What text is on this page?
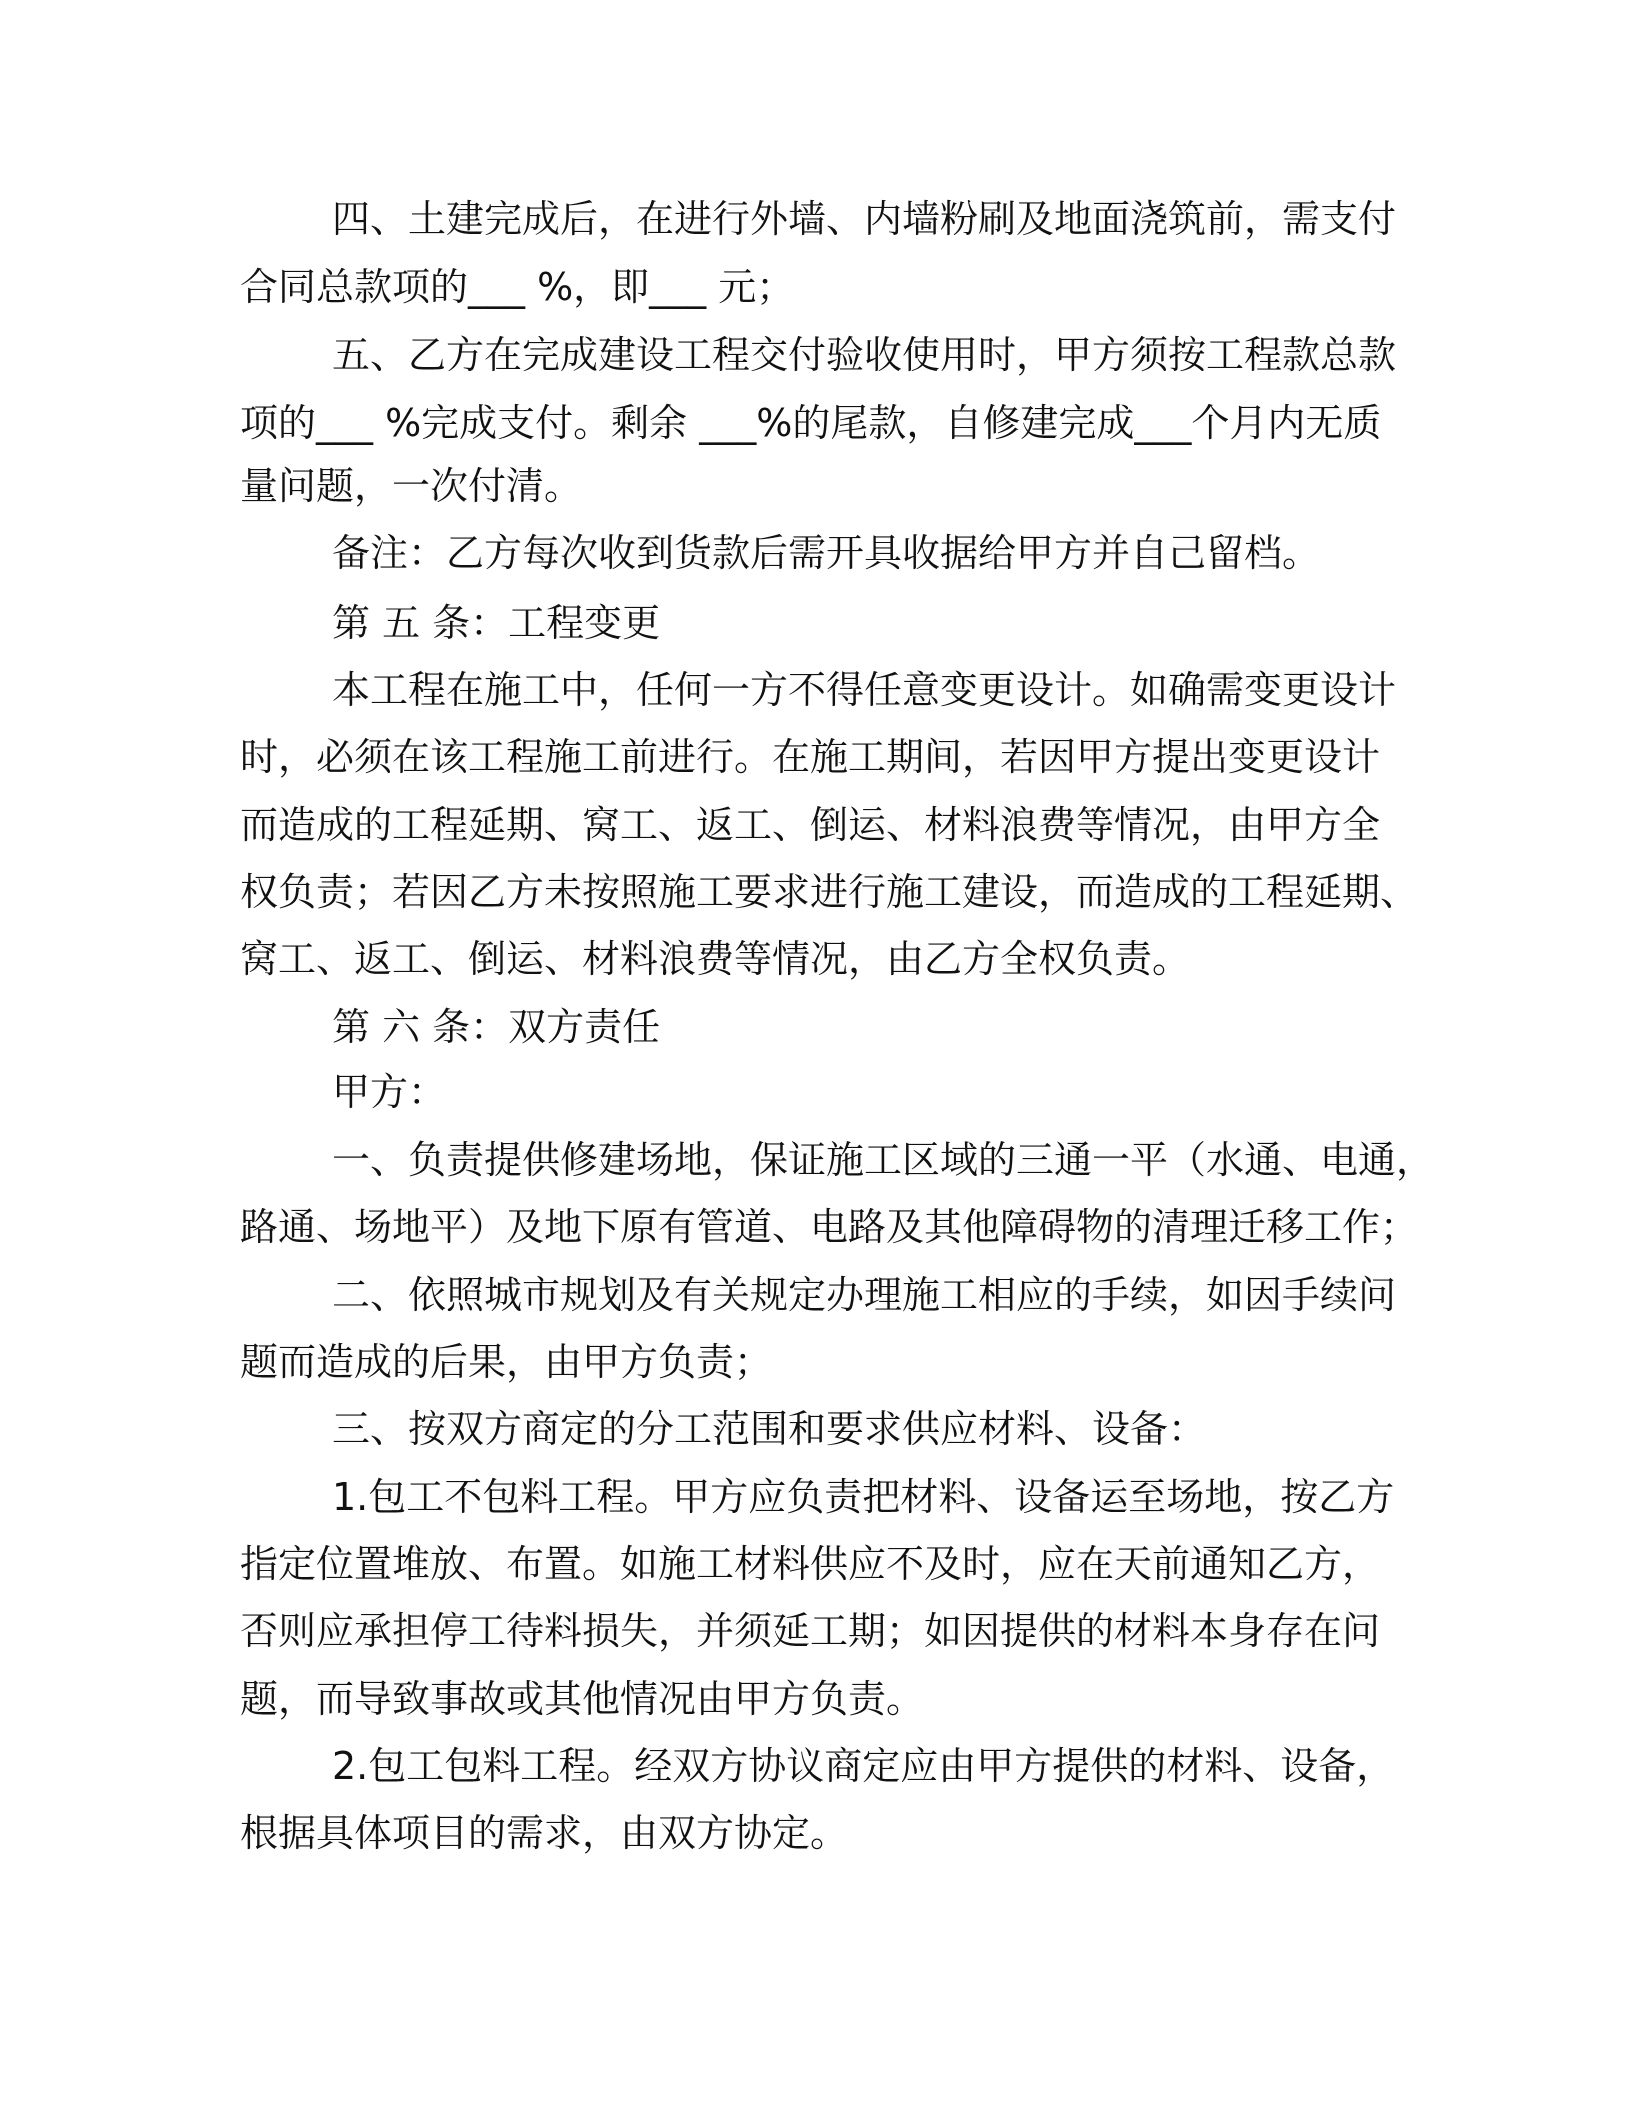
四、土建完成后，在进行外墙、内墙粉刷及地面浇筑前，需支付

合同总款项的___ %，即___ 元；

五、乙方在完成建设工程交付验收使用时，甲方须按工程款总款

项的___ %完成支付。剩余 ___%的尾款，自修建完成___个月内无质

量问题，一次付清。

备注：乙方每次收到货款后需开具收据给甲方并自己留档。

第 五 条：工程变更

本工程在施工中，任何一方不得任意变更设计。如确需变更设计

时，必须在该工程施工前进行。在施工期间，若因甲方提出变更设计

而造成的工程延期、窝工、返工、倒运、材料浪费等情况，由甲方全

权负责；若因乙方未按照施工要求进行施工建设，而造成的工程延期、

窝工、返工、倒运、材料浪费等情况，由乙方全权负责。

第 六 条：双方责任

甲方：

一、负责提供修建场地，保证施工区域的三通一平（水通、电通，

路通、场地平）及地下原有管道、电路及其他障碍物的清理迁移工作；

二、依照城市规划及有关规定办理施工相应的手续，如因手续问

题而造成的后果，由甲方负责；

三、按双方商定的分工范围和要求供应材料、设备：

1.包工不包料工程。甲方应负责把材料、设备运至场地，按乙方

指定位置堆放、布置。如施工材料供应不及时，应在天前通知乙方，

否则应承担停工待料损失，并须延工期；如因提供的材料本身存在问

题，而导致事故或其他情况由甲方负责。

2.包工包料工程。经双方协议商定应由甲方提供的材料、设备，

根据具体项目的需求，由双方协定。
